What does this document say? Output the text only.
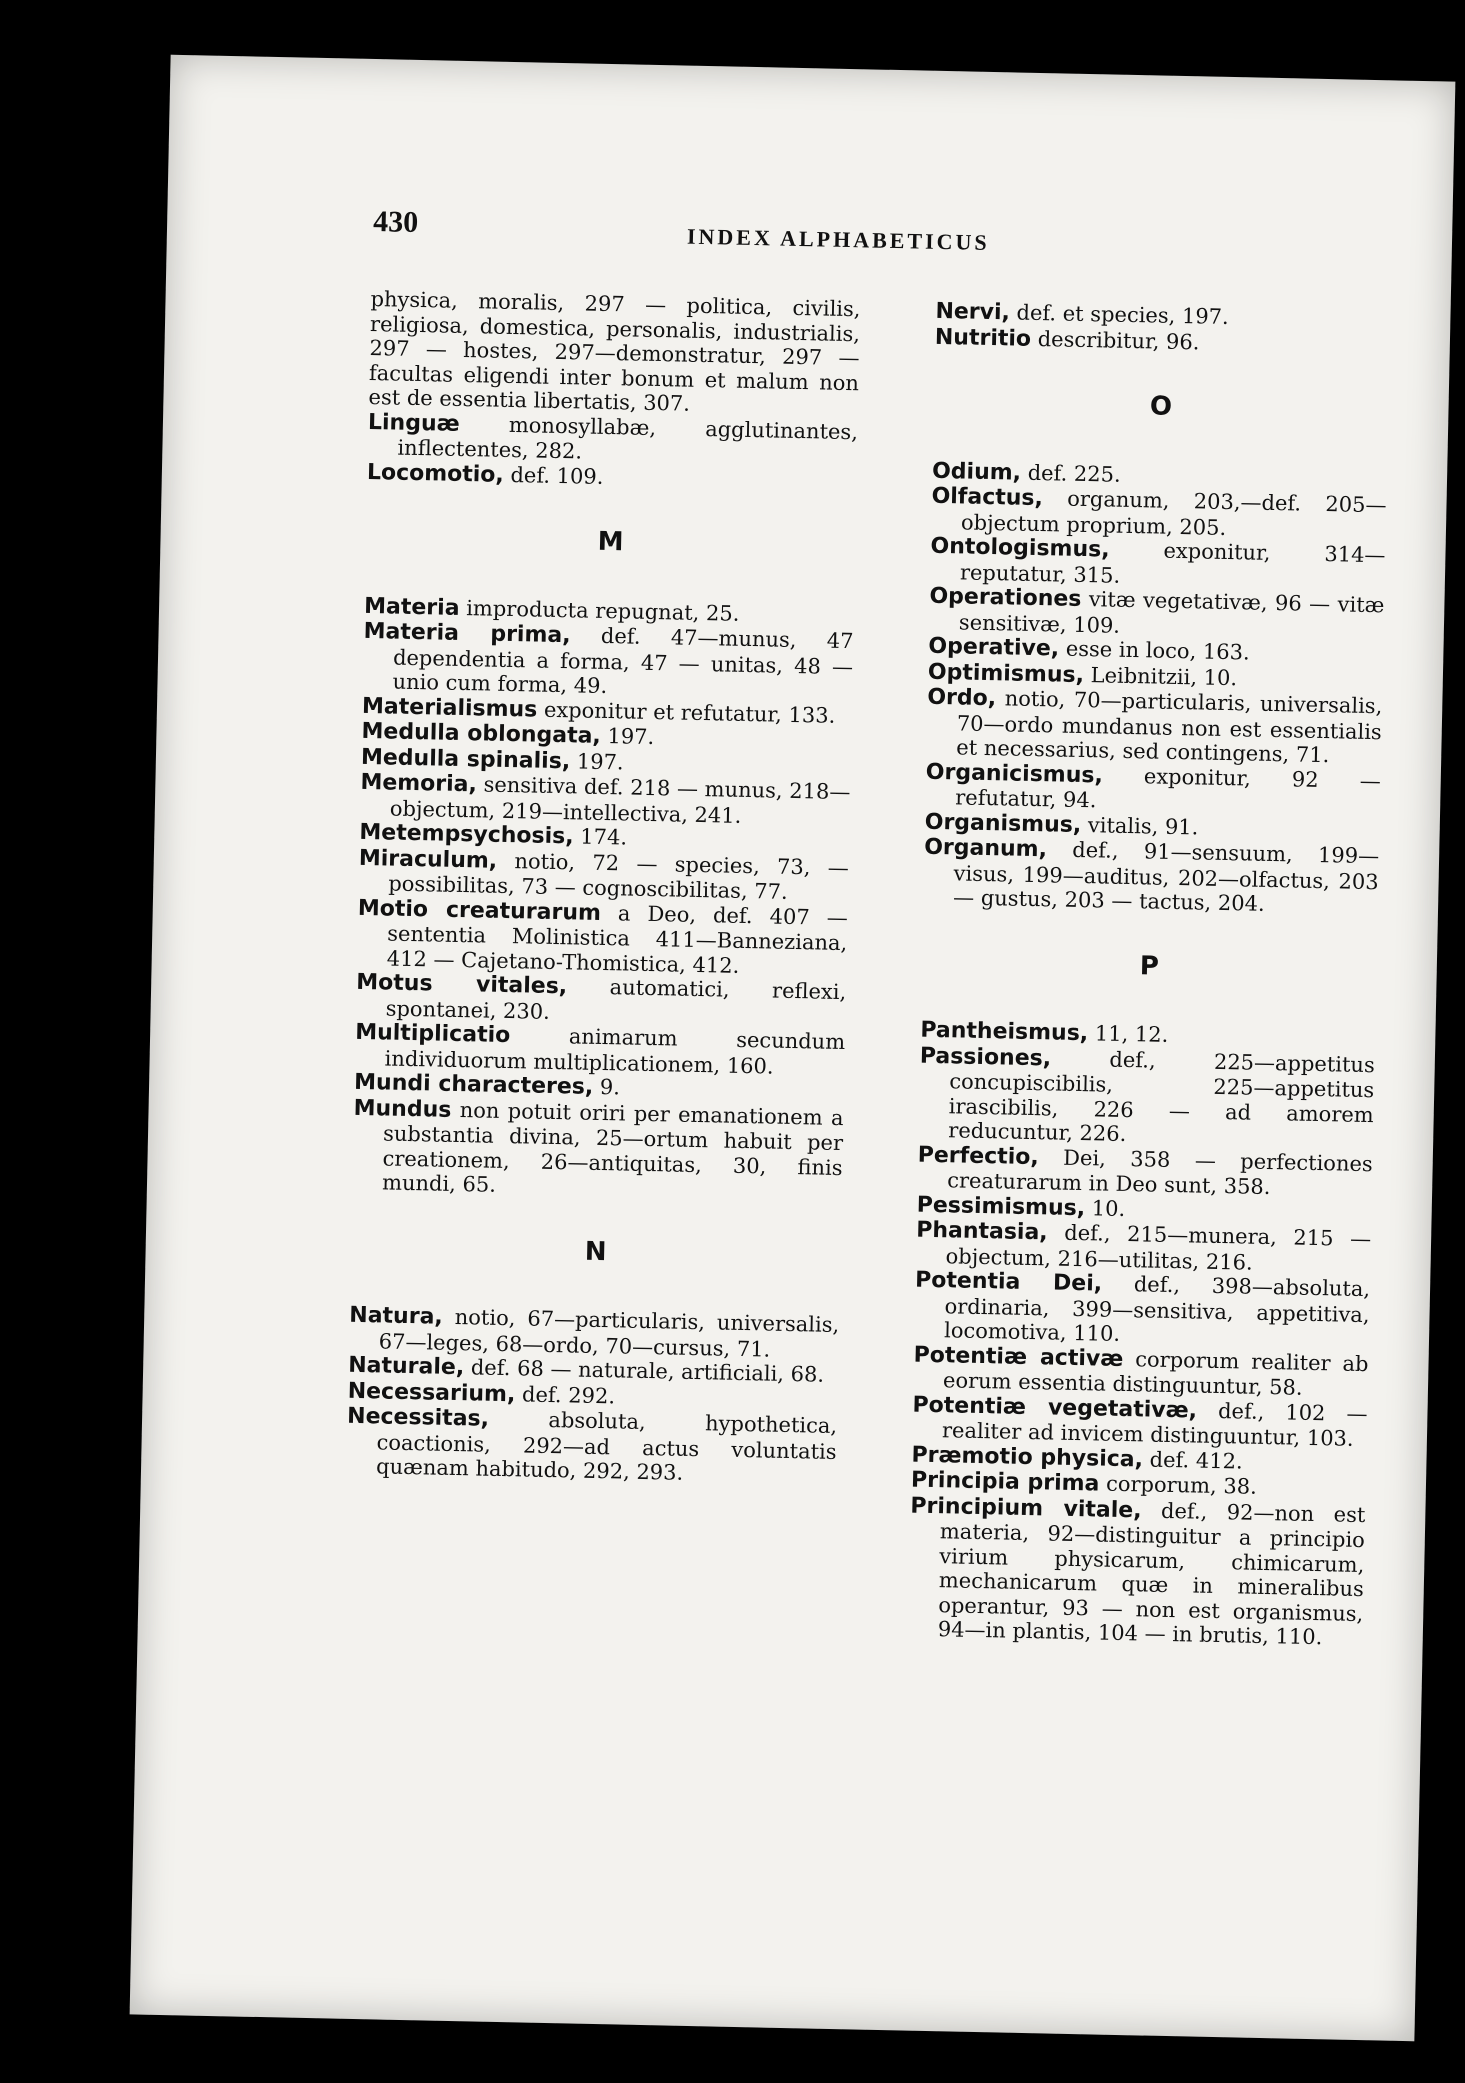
430
INDEX ALPHABETICUS

physica, moralis, 297 — politica, civilis, religiosa, domestica, personalis, industrialis, 297 — hostes, 297—demonstratur, 297 — facultas eligendi inter bonum et malum non est de essentia libertatis, 307.

Linguæ monosyllabæ, agglutinantes, inflectentes, 282.

Locomotio, def. 109.

M

Materia improducta repugnat, 25.

Materia prima, def. 47—munus, 47 dependentia a forma, 47 — unitas, 48 — unio cum forma, 49.

Materialismus exponitur et refutatur, 133.

Medulla oblongata, 197.

Medulla spinalis, 197.

Memoria, sensitiva def. 218 — munus, 218—objectum, 219—intellectiva, 241.

Metempsychosis, 174.

Miraculum, notio, 72 — species, 73, — possibilitas, 73 — cognoscibilitas, 77.

Motio creaturarum a Deo, def. 407 —sententia Molinistica 411—Banneziana, 412 — Cajetano-Thomistica, 412.

Motus vitales, automatici, reflexi, spontanei, 230.

Multiplicatio animarum secundum individuorum multiplicationem, 160.

Mundi characteres, 9.

Mundus non potuit oriri per emanationem a substantia divina, 25—ortum habuit per creationem, 26—antiquitas, 30, finis mundi, 65.

N

Natura, notio, 67—particularis, universalis, 67—leges, 68—ordo, 70—cursus, 71.

Naturale, def. 68 — naturale, artificiali, 68.

Necessarium, def. 292.

Necessitas, absoluta, hypothetica, coactionis, 292—ad actus voluntatis quænam habitudo, 292, 293.

Nervi, def. et species, 197.

Nutritio describitur, 96.

O

Odium, def. 225.

Olfactus, organum, 203,—def. 205—objectum proprium, 205.

Ontologismus, exponitur, 314—reputatur, 315.

Operationes vitæ vegetativæ, 96 — vitæ sensitivæ, 109.

Operative, esse in loco, 163.

Optimismus, Leibnitzii, 10.

Ordo, notio, 70—particularis, universalis, 70—ordo mundanus non est essentialis et necessarius, sed contingens, 71.

Organicismus, exponitur, 92 — refutatur, 94.

Organismus, vitalis, 91.

Organum, def., 91—sensuum, 199—visus, 199—auditus, 202—olfactus, 203 — gustus, 203 — tactus, 204.

P

Pantheismus, 11, 12.

Passiones, def., 225—appetitus concupiscibilis, 225—appetitus irascibilis, 226 — ad amorem reducuntur, 226.

Perfectio, Dei, 358 — perfectiones creaturarum in Deo sunt, 358.

Pessimismus, 10.

Phantasia, def., 215—munera, 215 —objectum, 216—utilitas, 216.

Potentia Dei, def., 398—absoluta, ordinaria, 399—sensitiva, appetitiva, locomotiva, 110.

Potentiæ activæ corporum realiter ab eorum essentia distinguuntur, 58.

Potentiæ vegetativæ, def., 102 — realiter ad invicem distinguuntur, 103.

Præmotio physica, def. 412.

Principia prima corporum, 38.

Principium vitale, def., 92—non est materia, 92—distinguitur a principio virium physicarum, chimicarum, mechanicarum quæ in mineralibus operantur, 93 — non est organismus, 94—in plantis, 104 — in brutis, 110.
